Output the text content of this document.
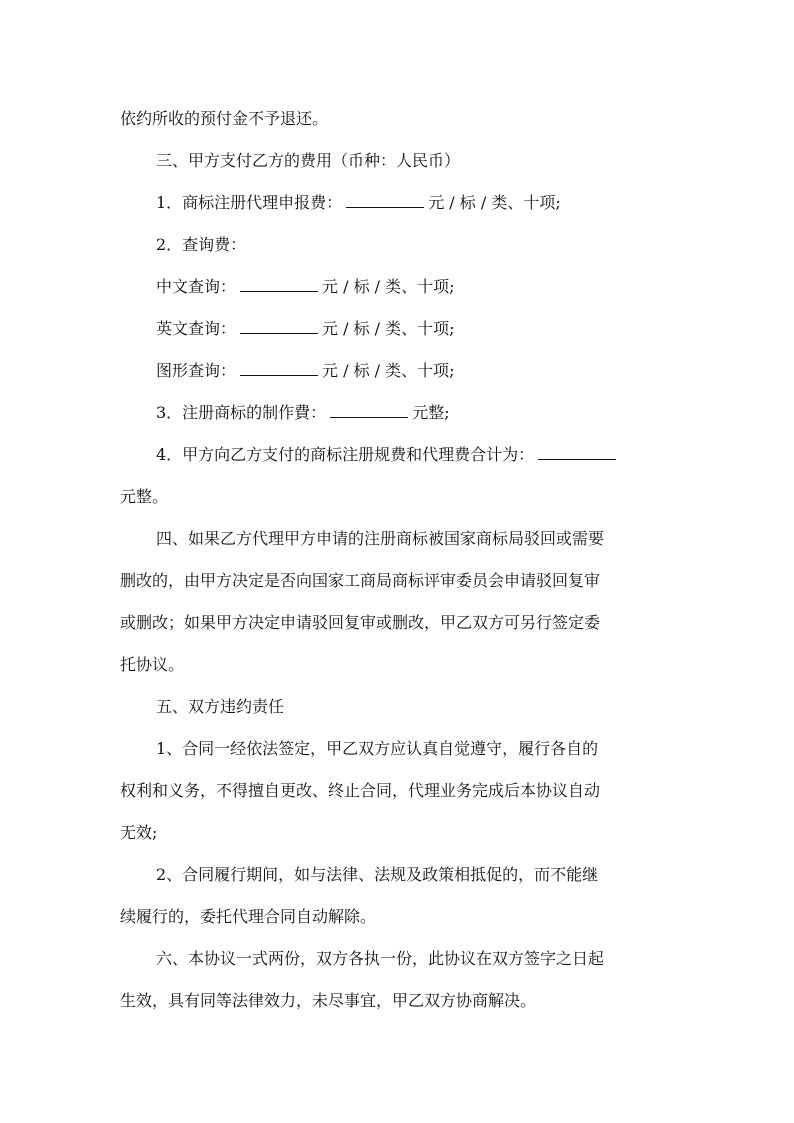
依约所收的预付金不予退还。
三、甲方支付乙方的费用（币种：人民币）
1．商标注册代理申报费：	元 / 标 / 类、十项;
2．查询费：
中文查询：	元 / 标 / 类、十项;
英文查询：	元 / 标 / 类、十项;
图形查询：	元 / 标 / 类、十项;
3．注册商标的制作費：	元整;
4．甲方向乙方支付的商标注册规费和代理费合计为：
元整。
四、如果乙方代理甲方申请的注册商标被国家商标局驳回或需要
删改的，由甲方决定是否向国家工商局商标评审委员会申请驳回复审
或删改；如果甲方决定申请驳回复审或删改，甲乙双方可另行签定委
托协议。
五、双方违约责任
1、合同一经依法签定，甲乙双方应认真自觉遵守，履行各自的
权利和义务，不得擅自更改、终止合同，代理业务完成后本协议自动
无效;
2、合同履行期间，如与法律、法规及政策相抵促的，而不能继
续履行的，委托代理合同自动解除。
六、本协议一式两份，双方各执一份，此协议在双方签字之日起
生效，具有同等法律效力，未尽事宜，甲乙双方协商解决。
